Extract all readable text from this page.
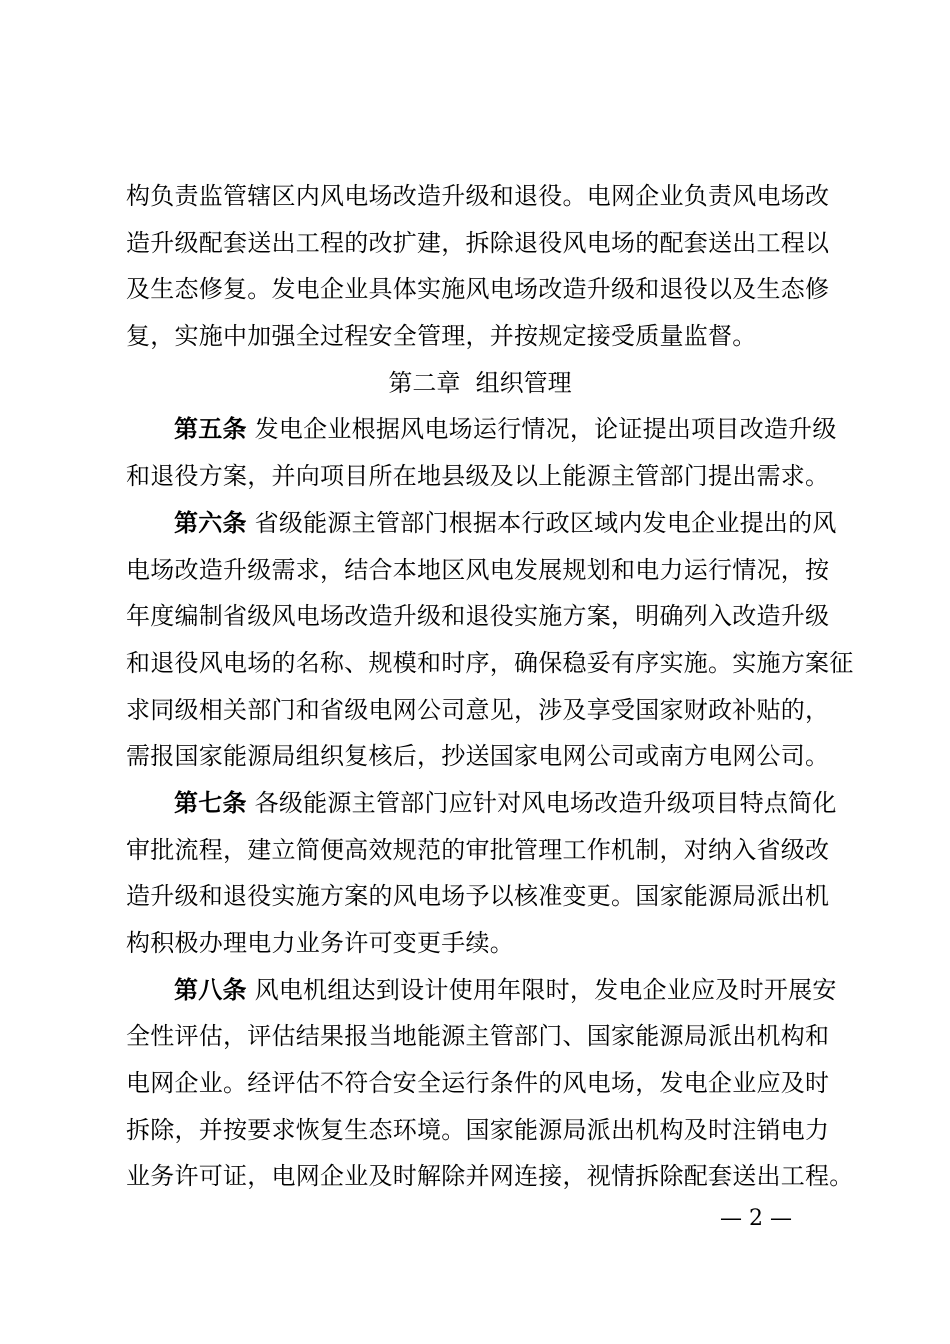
构负责监管辖区内风电场改造升级和退役。电网企业负责风电场改
造升级配套送出工程的改扩建，拆除退役风电场的配套送出工程以
及生态修复。发电企业具体实施风电场改造升级和退役以及生态修
复，实施中加强全过程安全管理，并按规定接受质量监督。
第二章  组织管理
第五条 发电企业根据风电场运行情况，论证提出项目改造升级
和退役方案，并向项目所在地县级及以上能源主管部门提出需求。
第六条 省级能源主管部门根据本行政区域内发电企业提出的风
电场改造升级需求，结合本地区风电发展规划和电力运行情况，按
年度编制省级风电场改造升级和退役实施方案，明确列入改造升级
和退役风电场的名称、规模和时序，确保稳妥有序实施。实施方案征
求同级相关部门和省级电网公司意见，涉及享受国家财政补贴的，
需报国家能源局组织复核后，抄送国家电网公司或南方电网公司。
第七条 各级能源主管部门应针对风电场改造升级项目特点简化
审批流程，建立简便高效规范的审批管理工作机制，对纳入省级改
造升级和退役实施方案的风电场予以核准变更。国家能源局派出机
构积极办理电力业务许可变更手续。
第八条 风电机组达到设计使用年限时，发电企业应及时开展安
全性评估，评估结果报当地能源主管部门、国家能源局派出机构和
电网企业。经评估不符合安全运行条件的风电场，发电企业应及时
拆除，并按要求恢复生态环境。国家能源局派出机构及时注销电力
业务许可证，电网企业及时解除并网连接，视情拆除配套送出工程。
— 2 —
